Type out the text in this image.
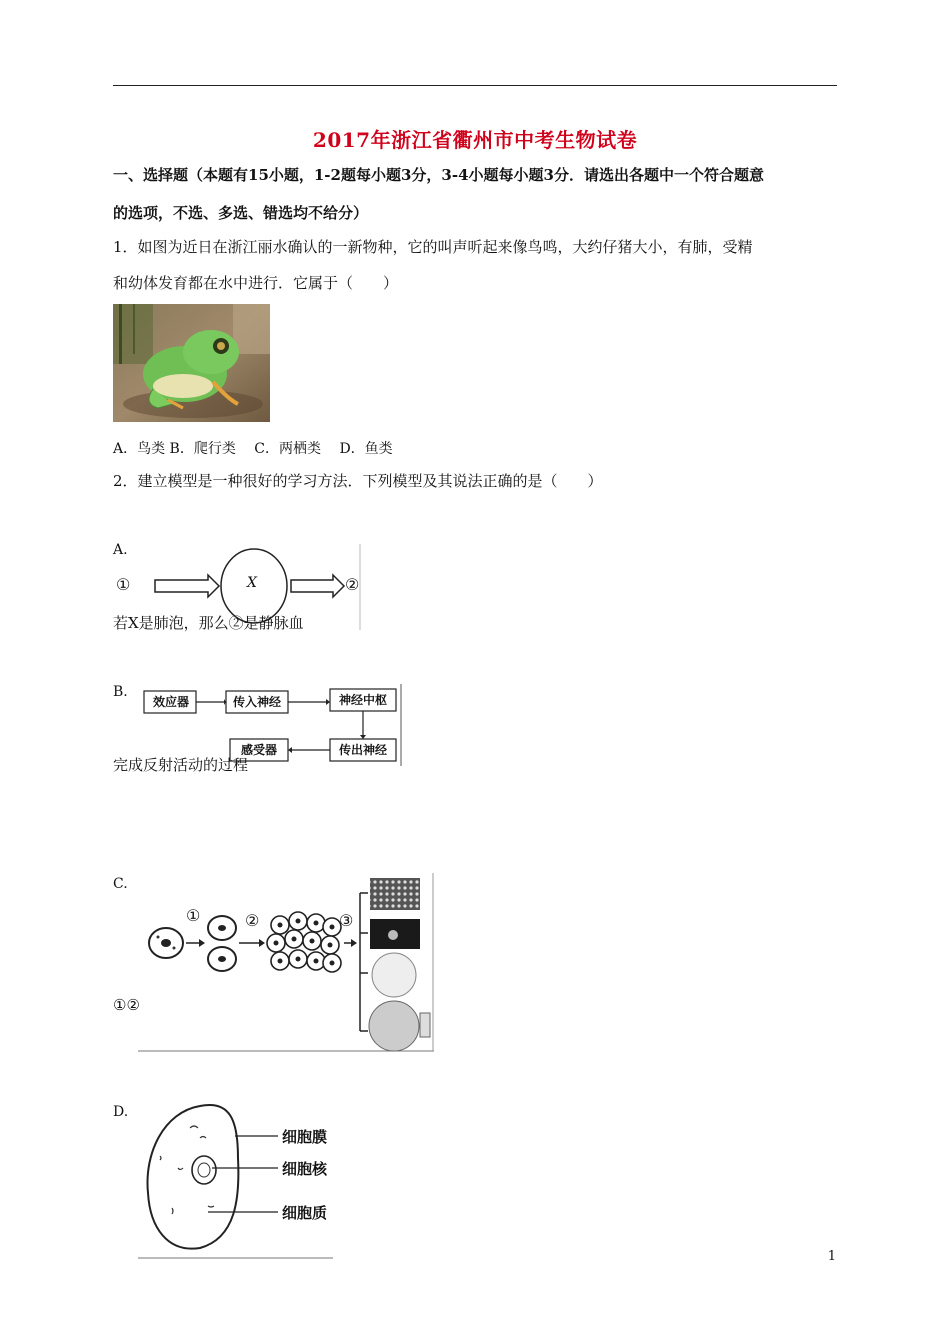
2017年浙江省衢州市中考生物试卷
一、选择题（本题有15小题，1-2题每小题3分，3-4小题每小题3分．请选出各题中一个符合题意
的选项，不选、多选、错选均不给分）
1．如图为近日在浙江丽水确认的一新物种，它的叫声听起来像鸟鸣，大约仔猪大小，有肺，受精
和幼体发育都在水中进行．它属于（　　）
A．鸟类 B．爬行类　 C．两栖类　 D．鱼类
2．建立模型是一种很好的学习方法．下列模型及其说法正确的是（　　）
A.
①	X	②
若X是肺泡，那么②是静脉血
B.
效应器	传入神经	神经中枢
传出神经
感受器
完成反射活动的过程
C.
①②
①	②	③
D.
细胞膜
细胞核
细胞质
1
